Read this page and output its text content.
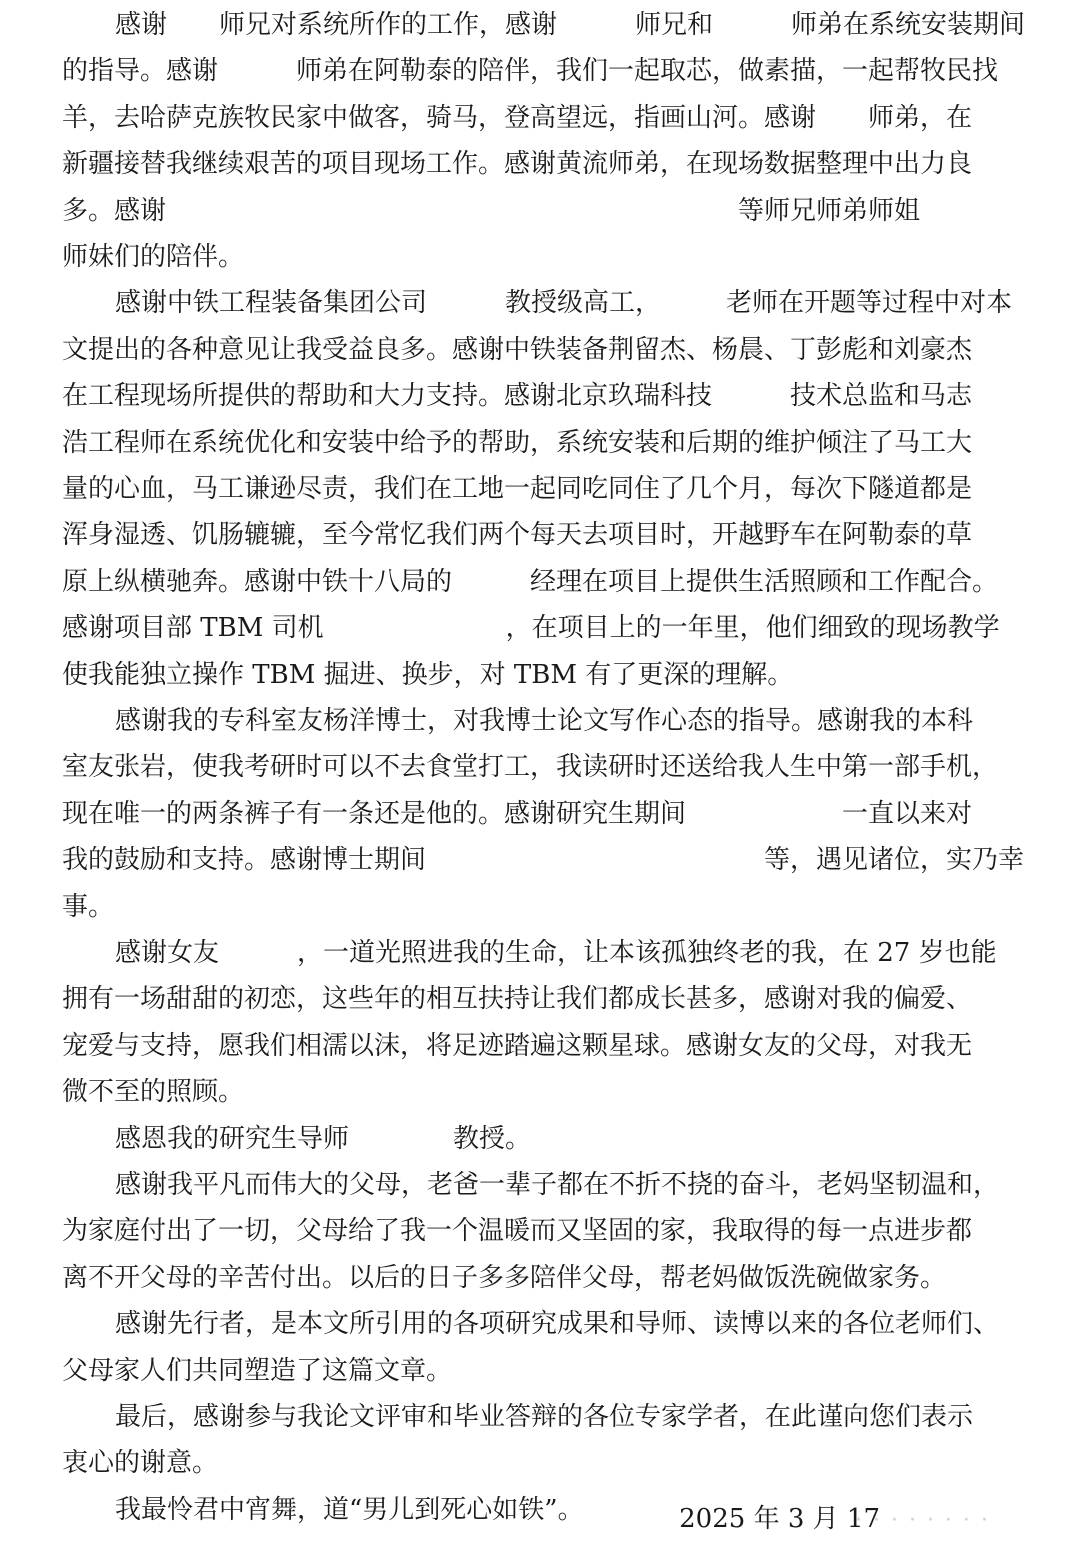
感谢　　师兄对系统所作的工作，感谢　　　师兄和　　　师弟在系统安装期间
的指导。感谢　　　师弟在阿勒泰的陪伴，我们一起取芯，做素描，一起帮牧民找
羊，去哈萨克族牧民家中做客，骑马，登高望远，指画山河。感谢　　师弟，在
新疆接替我继续艰苦的项目现场工作。感谢黄流师弟，在现场数据整理中出力良
多。感谢　　　　　　　　　　　　　　　　　　　　　　等师兄师弟师姐
师妹们的陪伴。
感谢中铁工程装备集团公司　　　教授级高工，　　　老师在开题等过程中对本
文提出的各种意见让我受益良多。感谢中铁装备荆留杰、杨晨、丁彭彪和刘豪杰
在工程现场所提供的帮助和大力支持。感谢北京玖瑞科技　　　技术总监和马志
浩工程师在系统优化和安装中给予的帮助，系统安装和后期的维护倾注了马工大
量的心血，马工谦逊尽责，我们在工地一起同吃同住了几个月，每次下隧道都是
浑身湿透、饥肠辘辘，至今常忆我们两个每天去项目时，开越野车在阿勒泰的草
原上纵横驰奔。感谢中铁十八局的　　　经理在项目上提供生活照顾和工作配合。
感谢项目部 TBM 司机　　　　　　　，在项目上的一年里，他们细致的现场教学
使我能独立操作 TBM 掘进、换步，对 TBM 有了更深的理解。
感谢我的专科室友杨洋博士，对我博士论文写作心态的指导。感谢我的本科
室友张岩，使我考研时可以不去食堂打工，我读研时还送给我人生中第一部手机，
现在唯一的两条裤子有一条还是他的。感谢研究生期间　　　　　　一直以来对
我的鼓励和支持。感谢博士期间　　　　　　　　　　　　　等，遇见诸位，实乃幸
事。
感谢女友　　　，一道光照进我的生命，让本该孤独终老的我，在 27 岁也能
拥有一场甜甜的初恋，这些年的相互扶持让我们都成长甚多，感谢对我的偏爱、
宠爱与支持，愿我们相濡以沫，将足迹踏遍这颗星球。感谢女友的父母，对我无
微不至的照顾。
感恩我的研究生导师　　　　教授。
感谢我平凡而伟大的父母，老爸一辈子都在不折不挠的奋斗，老妈坚韧温和，
为家庭付出了一切，父母给了我一个温暖而又坚固的家，我取得的每一点进步都
离不开父母的辛苦付出。以后的日子多多陪伴父母，帮老妈做饭洗碗做家务。
感谢先行者，是本文所引用的各项研究成果和导师、读博以来的各位老师们、
父母家人们共同塑造了这篇文章。
最后，感谢参与我论文评审和毕业答辩的各位专家学者，在此谨向您们表示
衷心的谢意。
我最怜君中宵舞，道“男儿到死心如铁”。	2025 年 3 月 17
· · · · · · · ·
